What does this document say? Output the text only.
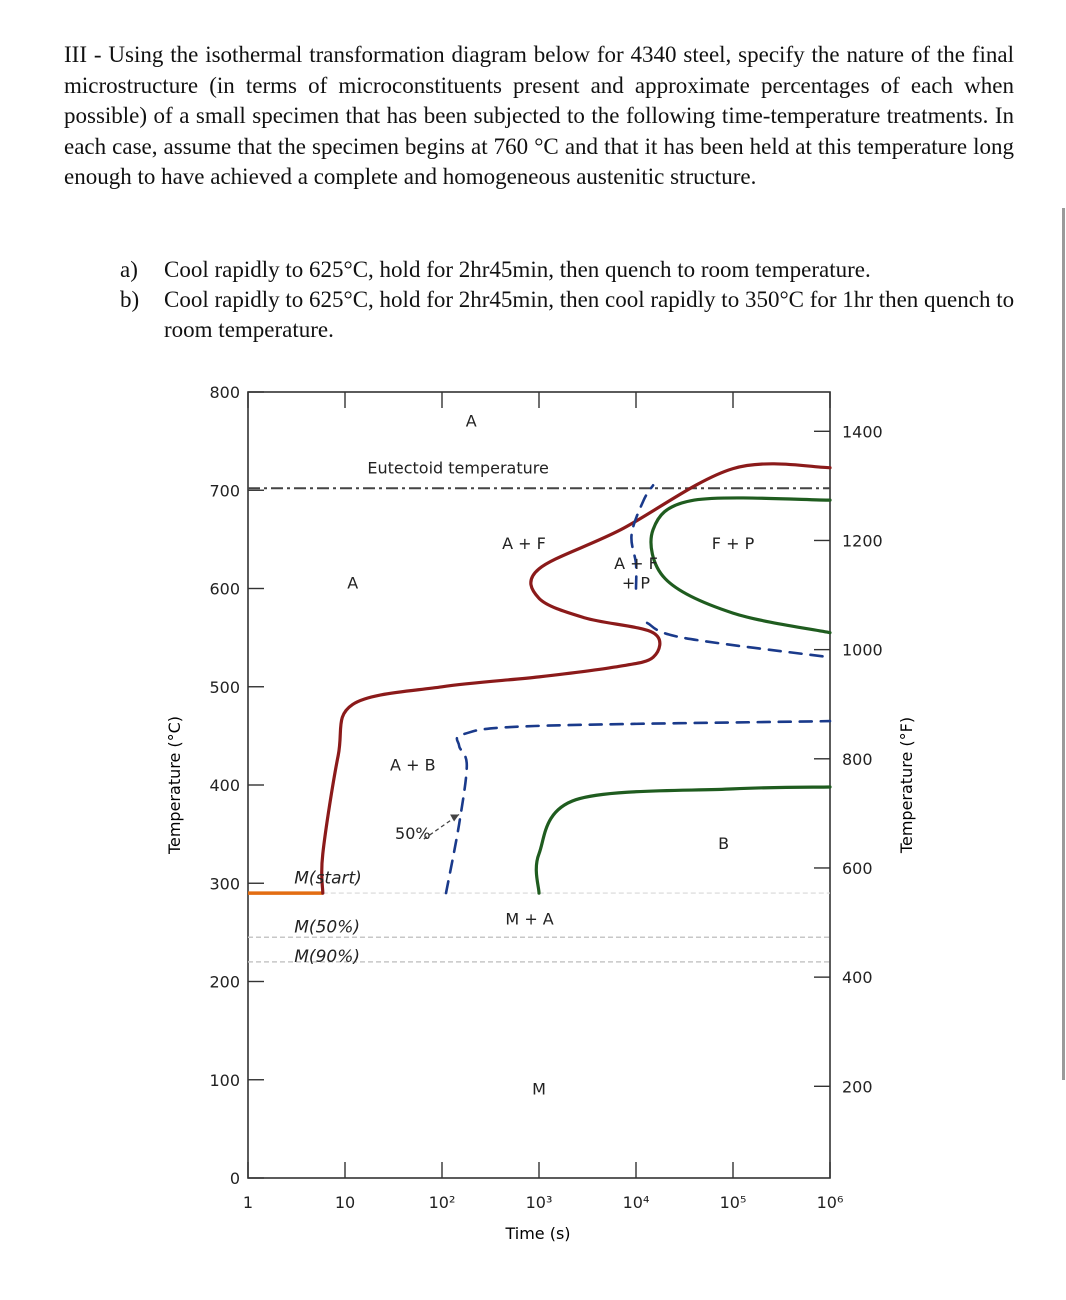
III - Using the isothermal transformation diagram below for 4340 steel, specify the nature of the final microstructure (in terms of microconstituents present and approximate percentages of each when possible) of a small specimen that has been subjected to the following time-temperature treatments. In each case, assume that the specimen begins at 760 °C and that it has been held at this temperature long enough to have achieved a complete and homogeneous austenitic structure.
a) Cool rapidly to 625°C, hold for 2hr45min, then quench to room temperature.
b) Cool rapidly to 625°C, hold for 2hr45min, then cool rapidly to 350°C for 1hr then quench to room temperature.
0
100
200
300
400
500
600
700
800
200
400
600
800
1000
1200
1400
1	10	10²	10³	10⁴	10⁵	10⁶
A
Eutectoid temperature
A + F
A + F
+ P
F + P
A
A + B
50%
B
M(start)
M + A
M(50%)
M(90%)
M
Time (s)
Temperature (°C)	Temperature (°F)
